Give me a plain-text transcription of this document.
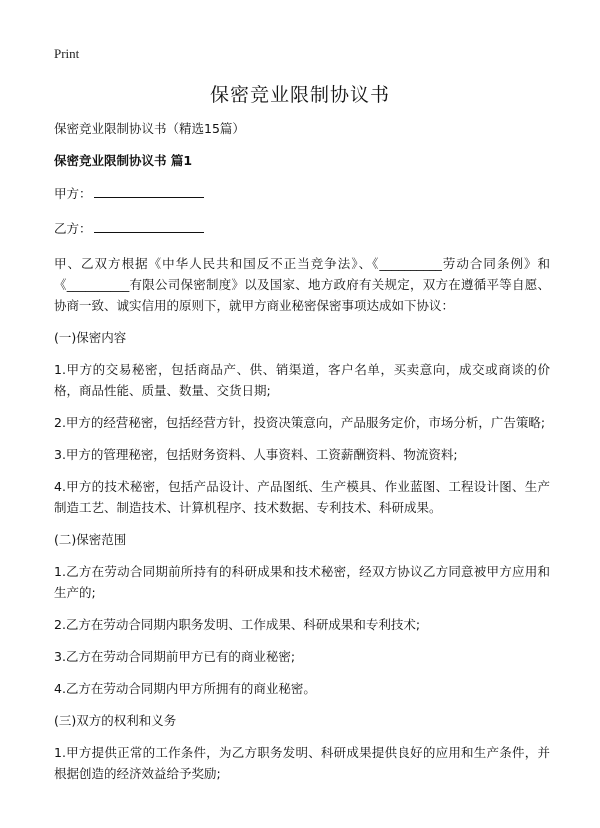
Print
保密竞业限制协议书

保密竞业限制协议书（精选15篇）

保密竞业限制协议书 篇1

甲方：

乙方：

甲、乙双方根据《中华人民共和国反不正当竞争法》、《__________劳动合同条例》和《__________有限公司保密制度》以及国家、地方政府有关规定，双方在遵循平等自愿、协商一致、诚实信用的原则下，就甲方商业秘密保密事项达成如下协议：

(一)保密内容

1.甲方的交易秘密，包括商品产、供、销渠道，客户名单，买卖意向，成交或商谈的价格，商品性能、质量、数量、交货日期;

2.甲方的经营秘密，包括经营方针，投资决策意向，产品服务定价，市场分析，广告策略;

3.甲方的管理秘密，包括财务资料、人事资料、工资薪酬资料、物流资料;

4.甲方的技术秘密，包括产品设计、产品图纸、生产模具、作业蓝图、工程设计图、生产制造工艺、制造技术、计算机程序、技术数据、专利技术、科研成果。

(二)保密范围

1.乙方在劳动合同期前所持有的科研成果和技术秘密，经双方协议乙方同意被甲方应用和生产的;

2.乙方在劳动合同期内职务发明、工作成果、科研成果和专利技术;

3.乙方在劳动合同期前甲方已有的商业秘密;

4.乙方在劳动合同期内甲方所拥有的商业秘密。

(三)双方的权利和义务

1.甲方提供正常的工作条件，为乙方职务发明、科研成果提供良好的应用和生产条件，并根据创造的经济效益给予奖励;
